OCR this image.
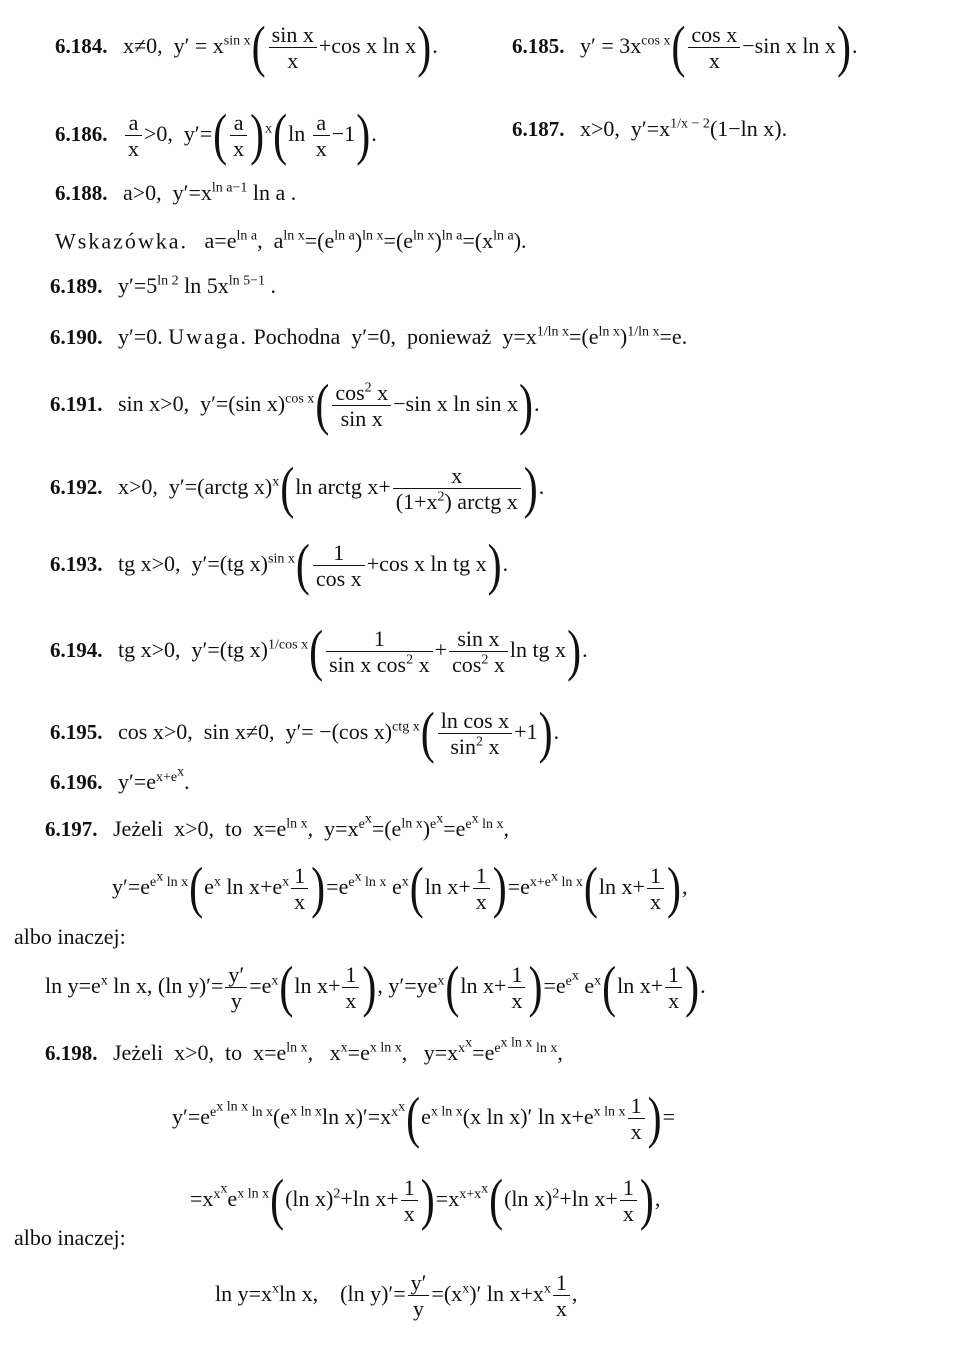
6.184. x≠0,  $y' = x^{sin x}( \frac{\text{sin x}}{x} +\cos$ x ln x).	6.185. $y' = 3x^{cos x}( \frac{\text{cos x}}{x} -\sin$ x ln x).
6.186. $\frac{a}{x} >0$,  $y'=( \frac{a}{x} )^x(\ln \frac{a}{x} -1)$.	6.187. x>0,  $y'=x^{1/x - 2}(1-\ln$ x).
6.188. a>0,  $y'=x^{ln a-1}$ ln a .
Wskazówka.   $a=e^{ln a}$,  $a^{ln x}=(e^{ln a})^{ln x}=(e^{ln x})^{ln a}=(x^{ln a})$.
6.189. $y'=5^{ln 2}$ $\ln 5x^{ln 5-1}$ .
6.190. y′=0. Uwaga. Pochodna  y′=0,  ponieważ  $y=x^{1/ln x}=(e^{ln x})^{1/ln x}=e$.
6.191. sin x>0,  y′=(sin $x)^{cos x}( \frac{\cos^2 x}{\text{sin x}} -\sin$ x ln sin x).
6.192. x>0,  y′=(arctg x)$^x$(ln arctg $x+ \frac{x}{(1+x^2) arctg x}$ ).
6.193. tg x>0,  y′=(tg $x)^{sin x}( \frac{1}{\text{cos x}} +\cos$ x ln tg x).
6.194. tg x>0,  y′=(tg $x)^{1/cos x}( \frac{1}{\sin x \cos^2 x} + \frac{\text{sin x}}{\cos^2 x}$ ln tg x).
6.195. cos x>0,  sin x≠0,  y′= −(cos $x)^{ctg x}( \frac{\text{ln cos x}}{\sin^2 x} +1)$.
6.196. $y'=e^{x+e^x}$.
6.197. Jeżeli  x>0,  to  $x=e^{ln x}$,  $y=x^{e^x}=(e^{ln x})^{e^x}=e^{e^x ln x}$,
$y'=e^{e^x ln x}(e^x$ $\ln x+e^x \frac{1}{x} )=e^{e^x ln x}$ $e^x(\ln$ $x+ \frac{1}{x} )=e^{x+e^x ln x}(\ln$ $x+ \frac{1}{x}$ ),
albo inaczej:
$\ln y=e^x$ ln x, (ln $y)'= \frac{y'}{y} =e^x(\ln$ $x+ \frac{1}{x}$ ), $y'=ye^x(\ln$ $x+ \frac{1}{x} )=e^{e^x}$ $e^x(\ln$ $x+ \frac{1}{x}$ ).
6.198. Jeżeli  x>0,  to  $x=e^{ln x}$,   $x^x=e^{x ln x}$,   $y=x^{x^x}=e^{e^{x ln x} ln x}$,
$y'=e^{e^{x ln x} ln x}(e^{x ln x}\ln$ $x)'=x^{x^x}(e^{x ln x}(x$ ln x)′ $\ln x+e^{x ln x} \frac{1}{x}$ )=
$=x^{x^x}e^{x ln x}((\ln$ x)$^2$+ln $x+ \frac{1}{x} )=x^{x+x^x}((\ln$ x)$^2$+ln $x+ \frac{1}{x}$ ),
albo inaczej:
$\ln y=x^x\ln$ x,    (ln $y)'= \frac{y'}{y} =(x^x)'$ $\ln x+x^x \frac{1}{x}$ ,
